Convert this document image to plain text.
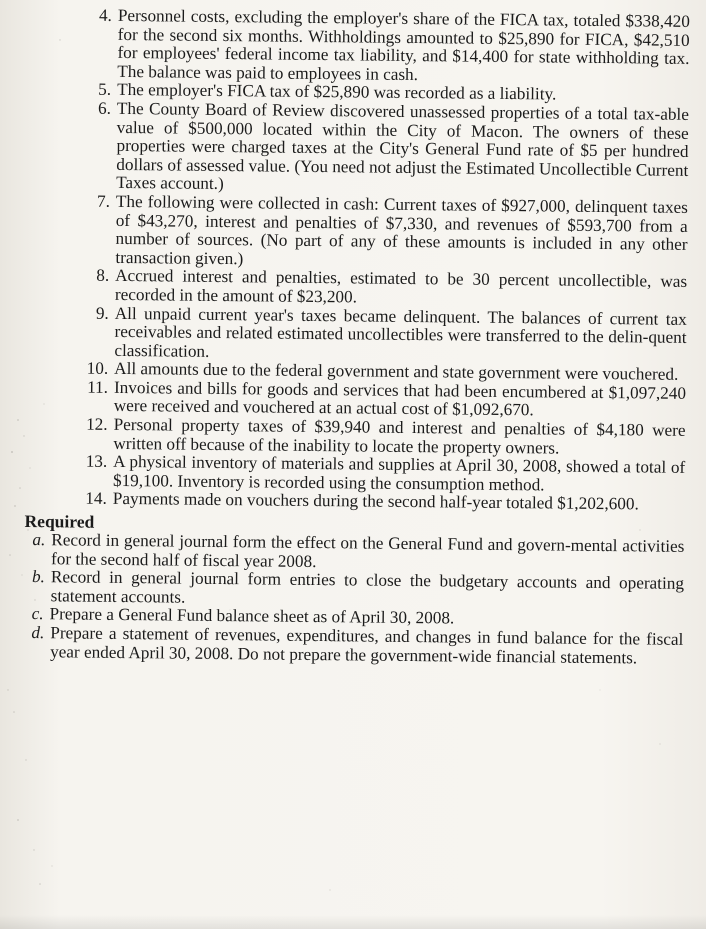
4. Personnel costs, excluding the employer's share of the FICA tax, totaled $338,420 for the second six months. Withholdings amounted to $25,890 for FICA, $42,510 for employees' federal income tax liability, and $14,400 for state withholding tax. The balance was paid to employees in cash.
5. The employer's FICA tax of $25,890 was recorded as a liability.
6. The County Board of Review discovered unassessed properties of a total tax-able value of $500,000 located within the City of Macon. The owners of these properties were charged taxes at the City's General Fund rate of $5 per hundred dollars of assessed value. (You need not adjust the Estimated Uncollectible Current Taxes account.)
7. The following were collected in cash: Current taxes of $927,000, delinquent taxes of $43,270, interest and penalties of $7,330, and revenues of $593,700 from a number of sources. (No part of any of these amounts is included in any other transaction given.)
8. Accrued interest and penalties, estimated to be 30 percent uncollectible, was recorded in the amount of $23,200.
9. All unpaid current year's taxes became delinquent. The balances of current tax receivables and related estimated uncollectibles were transferred to the delin-quent classification.
10. All amounts due to the federal government and state government were vouchered.
11. Invoices and bills for goods and services that had been encumbered at $1,097,240 were received and vouchered at an actual cost of $1,092,670.
12. Personal property taxes of $39,940 and interest and penalties of $4,180 were written off because of the inability to locate the property owners.
13. A physical inventory of materials and supplies at April 30, 2008, showed a total of $19,100. Inventory is recorded using the consumption method.
14. Payments made on vouchers during the second half-year totaled $1,202,600.
Required
a. Record in general journal form the effect on the General Fund and govern-mental activities for the second half of fiscal year 2008.
b. Record in general journal form entries to close the budgetary accounts and operating statement accounts.
c. Prepare a General Fund balance sheet as of April 30, 2008.
d. Prepare a statement of revenues, expenditures, and changes in fund balance for the fiscal year ended April 30, 2008. Do not prepare the government-wide financial statements.
